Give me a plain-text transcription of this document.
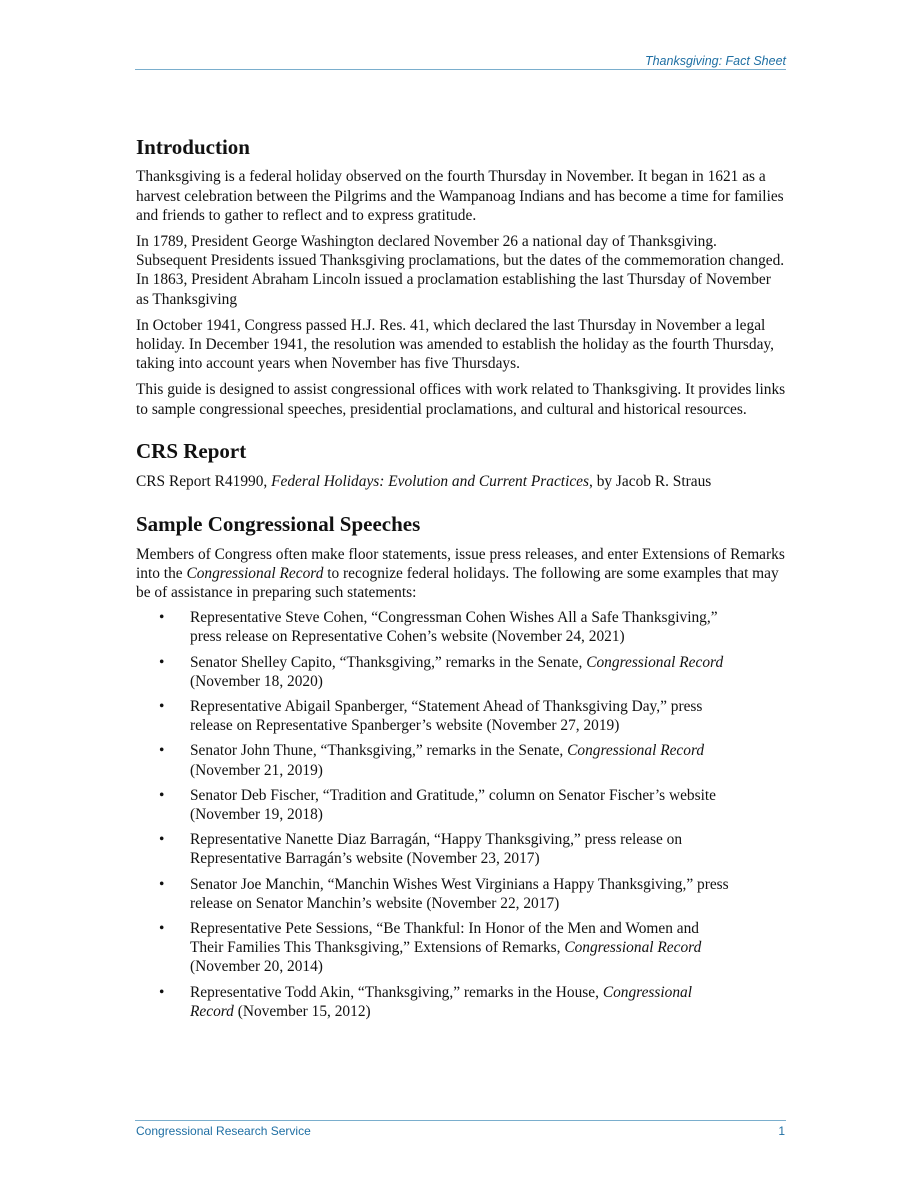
Thanksgiving: Fact Sheet
Introduction

Thanksgiving is a federal holiday observed on the fourth Thursday in November. It began in 1621 as a harvest celebration between the Pilgrims and the Wampanoag Indians and has become a time for families and friends to gather to reflect and to express gratitude.

In 1789, President George Washington declared November 26 a national day of Thanksgiving. Subsequent Presidents issued Thanksgiving proclamations, but the dates of the commemoration changed. In 1863, President Abraham Lincoln issued a proclamation establishing the last Thursday of November as Thanksgiving

In October 1941, Congress passed H.J. Res. 41, which declared the last Thursday in November a legal holiday. In December 1941, the resolution was amended to establish the holiday as the fourth Thursday, taking into account years when November has five Thursdays.

This guide is designed to assist congressional offices with work related to Thanksgiving. It provides links to sample congressional speeches, presidential proclamations, and cultural and historical resources.

CRS Report

CRS Report R41990, Federal Holidays: Evolution and Current Practices, by Jacob R. Straus

Sample Congressional Speeches

Members of Congress often make floor statements, issue press releases, and enter Extensions of Remarks into the Congressional Record to recognize federal holidays. The following are some examples that may be of assistance in preparing such statements:

• Representative Steve Cohen, “Congressman Cohen Wishes All a Safe Thanksgiving,” press release on Representative Cohen’s website (November 24, 2021)
• Senator Shelley Capito, “Thanksgiving,” remarks in the Senate, Congressional Record (November 18, 2020)
• Representative Abigail Spanberger, “Statement Ahead of Thanksgiving Day,” press release on Representative Spanberger’s website (November 27, 2019)
• Senator John Thune, “Thanksgiving,” remarks in the Senate, Congressional Record (November 21, 2019)
• Senator Deb Fischer, “Tradition and Gratitude,” column on Senator Fischer’s website (November 19, 2018)
• Representative Nanette Diaz Barragán, “Happy Thanksgiving,” press release on Representative Barragán’s website (November 23, 2017)
• Senator Joe Manchin, “Manchin Wishes West Virginians a Happy Thanksgiving,” press release on Senator Manchin’s website (November 22, 2017)
• Representative Pete Sessions, “Be Thankful: In Honor of the Men and Women and Their Families This Thanksgiving,” Extensions of Remarks, Congressional Record (November 20, 2014)
• Representative Todd Akin, “Thanksgiving,” remarks in the House, Congressional Record (November 15, 2012)
Congressional Research Service	1
